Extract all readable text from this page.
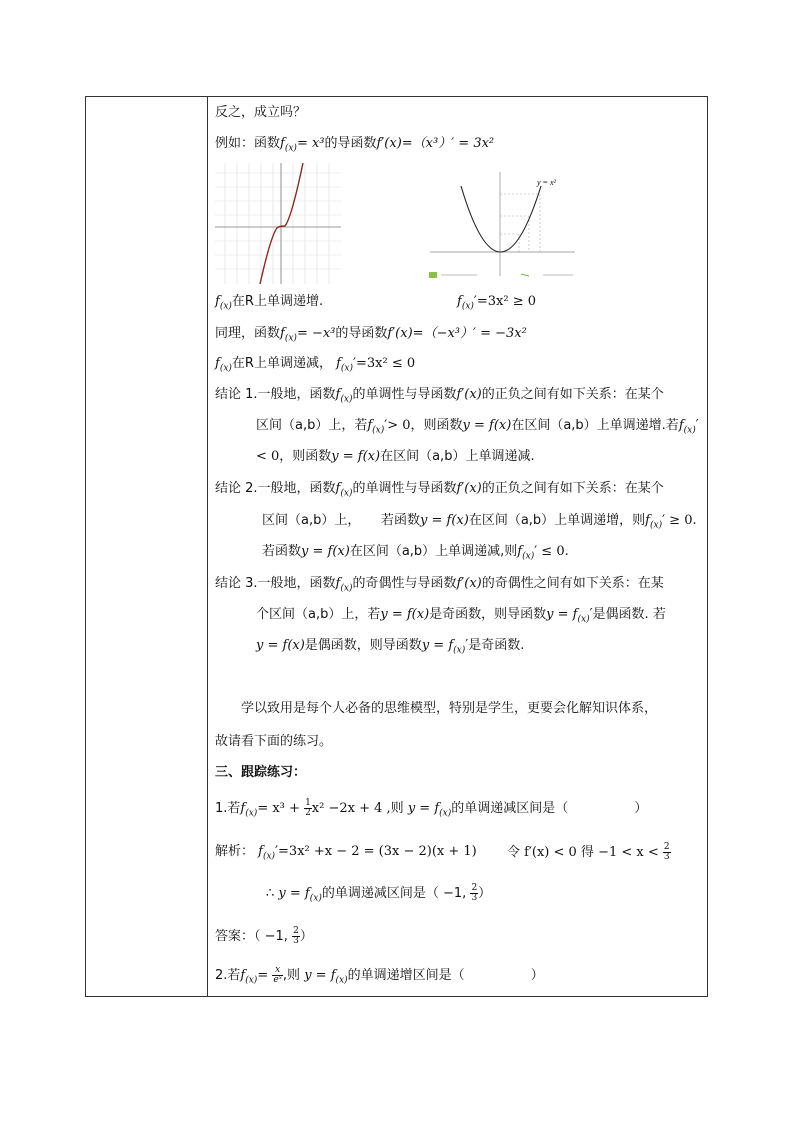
反之，成立吗？
例如：函数$f_{(x)}= x^3$的导函数f′(x)=（x³）′ = 3x²
y = x²
$f_{(x)}$在R上单调递增.	$f_{(x)}'=3x^2 \ge 0$
同理，函数$f_{(x)}= -x^3$的导函数f′(x)=（−x³）′ = −3x²
$f_{(x)}$在R上单调递减， $f_{(x)}'=3x^2 \le 0$
结论 1.一般地，函数$f_{(x)}$的单调性与导函数f′(x)的正负之间有如下关系：在某个
区间（a,b）上，若$f_{(x)}'> 0$，则函数y = f(x)在区间（a,b）上单调递增.若$f_{(x)}'$
< 0，则函数y = f(x)在区间（a,b）上单调递减.
结论 2.一般地，函数$f_{(x)}$的单调性与导函数f′(x)的正负之间有如下关系：在某个
区间（a,b）上，     若函数y = f(x)在区间（a,b）上单调递增，则$f_{(x)}' \ge 0$.
若函数y = f(x)在区间（a,b）上单调递减,则$f_{(x)}' \le 0$.
结论 3.一般地，函数$f_{(x)}$的奇偶性与导函数f′(x)的奇偶性之间有如下关系：在某
个区间（a,b）上，若y = f(x)是奇函数，则导函数$y = f_{(x)}'$是偶函数. 若
y = f(x)是偶函数，则导函数$y = f_{(x)}'$是奇函数.
学以致用是每个人必备的思维模型，特别是学生，更要会化解知识体系，
故请看下面的练习。
三、跟踪练习：
1.若$f_{(x)}= x^3 + \frac{1}{2} x^2 -2x + 4$ ,则 $y = f_{(x)}$的单调递减区间是（                ）
解析： $f_{(x)}'=3x^2 +x - 2 = (3x - 2)(x + 1)$ 令 f′(x) < 0 得 $-1 < x < \frac{2}{3}$
∴ $y = f_{(x)}$的单调递减区间是（ −1, $\frac{2}{3}$ ）
答案：（ −1, $\frac{2}{3}$ ）
2.若$f_{(x)}= \frac{x}{\text{eˣ}}$ ,则 $y = f_{(x)}$的单调递增区间是（                ）
